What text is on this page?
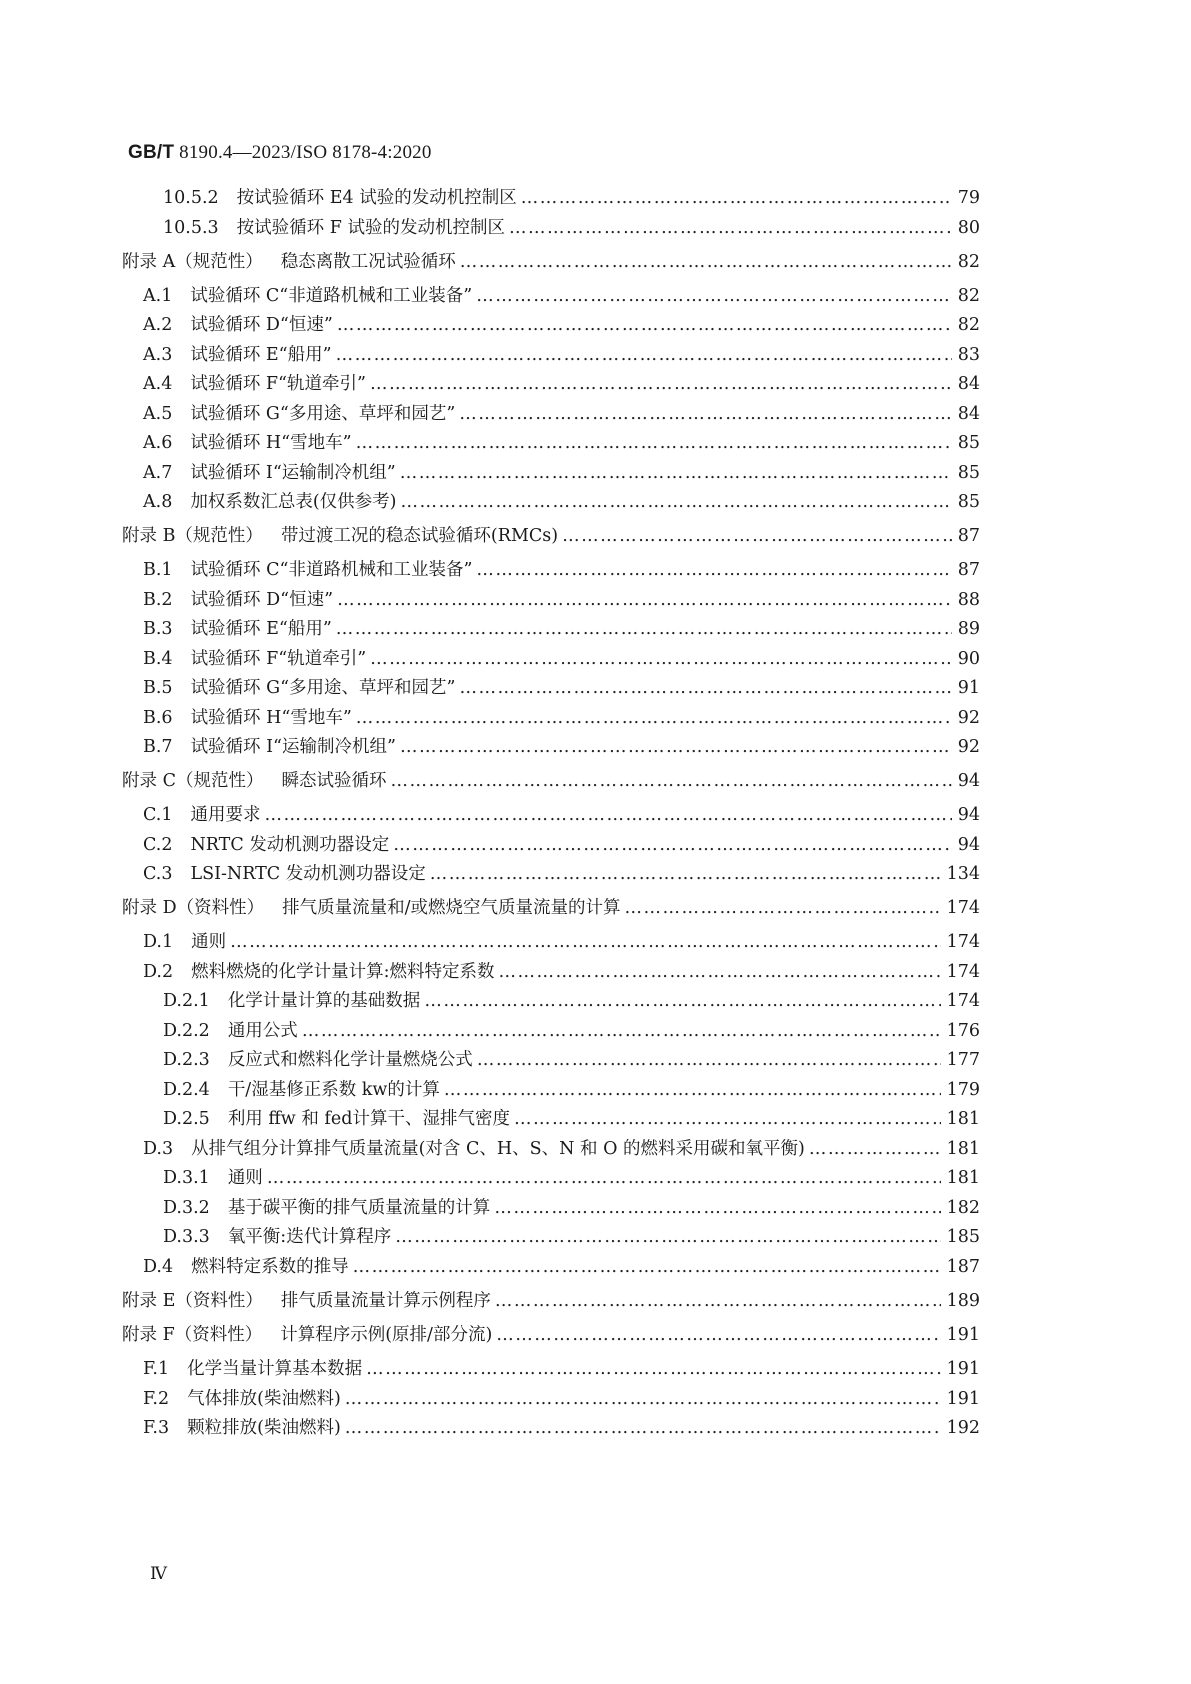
GB/T 8190.4—2023/ISO 8178-4:2020
10.5.2 按试验循环 E4 试验的发动机控制区 ……………………………………………………………………………………………………………………………………………………………………………………………………………………………………………………	79
10.5.3 按试验循环 F 试验的发动机控制区 ……………………………………………………………………………………………………………………………………………………………………………………………………………………………………………………	80
附录 A（规范性） 稳态离散工况试验循环 ……………………………………………………………………………………………………………………………………………………………………………………………………………………………………………………	82
A.1 试验循环 C“非道路机械和工业装备” ……………………………………………………………………………………………………………………………………………………………………………………………………………………………………………………	82
A.2 试验循环 D“恒速” ……………………………………………………………………………………………………………………………………………………………………………………………………………………………………………………	82
A.3 试验循环 E“船用” ……………………………………………………………………………………………………………………………………………………………………………………………………………………………………………………	83
A.4 试验循环 F“轨道牵引” ……………………………………………………………………………………………………………………………………………………………………………………………………………………………………………………	84
A.5 试验循环 G“多用途、草坪和园艺” ……………………………………………………………………………………………………………………………………………………………………………………………………………………………………………………	84
A.6 试验循环 H“雪地车” ……………………………………………………………………………………………………………………………………………………………………………………………………………………………………………………	85
A.7 试验循环 I“运输制冷机组” ……………………………………………………………………………………………………………………………………………………………………………………………………………………………………………………	85
A.8 加权系数汇总表(仅供参考) ……………………………………………………………………………………………………………………………………………………………………………………………………………………………………………………	85
附录 B（规范性） 带过渡工况的稳态试验循环(RMCs) ……………………………………………………………………………………………………………………………………………………………………………………………………………………………………………………	87
B.1 试验循环 C“非道路机械和工业装备” ……………………………………………………………………………………………………………………………………………………………………………………………………………………………………………………	87
B.2 试验循环 D“恒速” ……………………………………………………………………………………………………………………………………………………………………………………………………………………………………………………	88
B.3 试验循环 E“船用” ……………………………………………………………………………………………………………………………………………………………………………………………………………………………………………………	89
B.4 试验循环 F“轨道牵引” ……………………………………………………………………………………………………………………………………………………………………………………………………………………………………………………	90
B.5 试验循环 G“多用途、草坪和园艺” ……………………………………………………………………………………………………………………………………………………………………………………………………………………………………………………	91
B.6 试验循环 H“雪地车” ……………………………………………………………………………………………………………………………………………………………………………………………………………………………………………………	92
B.7 试验循环 I“运输制冷机组” ……………………………………………………………………………………………………………………………………………………………………………………………………………………………………………………	92
附录 C（规范性） 瞬态试验循环 ……………………………………………………………………………………………………………………………………………………………………………………………………………………………………………………	94
C.1 通用要求 ……………………………………………………………………………………………………………………………………………………………………………………………………………………………………………………	94
C.2 NRTC 发动机测功器设定 ……………………………………………………………………………………………………………………………………………………………………………………………………………………………………………………	94
C.3 LSI-NRTC 发动机测功器设定 ……………………………………………………………………………………………………………………………………………………………………………………………………………………………………………………	134
附录 D（资料性） 排气质量流量和/或燃烧空气质量流量的计算 ……………………………………………………………………………………………………………………………………………………………………………………………………………………………………………………	174
D.1 通则 ……………………………………………………………………………………………………………………………………………………………………………………………………………………………………………………	174
D.2 燃料燃烧的化学计量计算:燃料特定系数 ……………………………………………………………………………………………………………………………………………………………………………………………………………………………………………………	174
D.2.1 化学计量计算的基础数据 ……………………………………………………………………………………………………………………………………………………………………………………………………………………………………………………	174
D.2.2 通用公式 ……………………………………………………………………………………………………………………………………………………………………………………………………………………………………………………	176
D.2.3 反应式和燃料化学计量燃烧公式 ……………………………………………………………………………………………………………………………………………………………………………………………………………………………………………………	177
D.2.4 干/湿基修正系数 kw的计算 ……………………………………………………………………………………………………………………………………………………………………………………………………………………………………………………	179
D.2.5 利用 ffw 和 fed计算干、湿排气密度 ……………………………………………………………………………………………………………………………………………………………………………………………………………………………………………………	181
D.3 从排气组分计算排气质量流量(对含 C、H、S、N 和 O 的燃料采用碳和氧平衡) ……………………………………………………………………………………………………………………………………………………………………………………………………………………………………………………	181
D.3.1 通则 ……………………………………………………………………………………………………………………………………………………………………………………………………………………………………………………	181
D.3.2 基于碳平衡的排气质量流量的计算 ……………………………………………………………………………………………………………………………………………………………………………………………………………………………………………………	182
D.3.3 氧平衡:迭代计算程序 ……………………………………………………………………………………………………………………………………………………………………………………………………………………………………………………	185
D.4 燃料特定系数的推导 ……………………………………………………………………………………………………………………………………………………………………………………………………………………………………………………	187
附录 E（资料性） 排气质量流量计算示例程序 ……………………………………………………………………………………………………………………………………………………………………………………………………………………………………………………	189
附录 F（资料性） 计算程序示例(原排/部分流) ……………………………………………………………………………………………………………………………………………………………………………………………………………………………………………………	191
F.1 化学当量计算基本数据 ……………………………………………………………………………………………………………………………………………………………………………………………………………………………………………………	191
F.2 气体排放(柴油燃料) ……………………………………………………………………………………………………………………………………………………………………………………………………………………………………………………	191
F.3 颗粒排放(柴油燃料) ……………………………………………………………………………………………………………………………………………………………………………………………………………………………………………………	192
Ⅳ
